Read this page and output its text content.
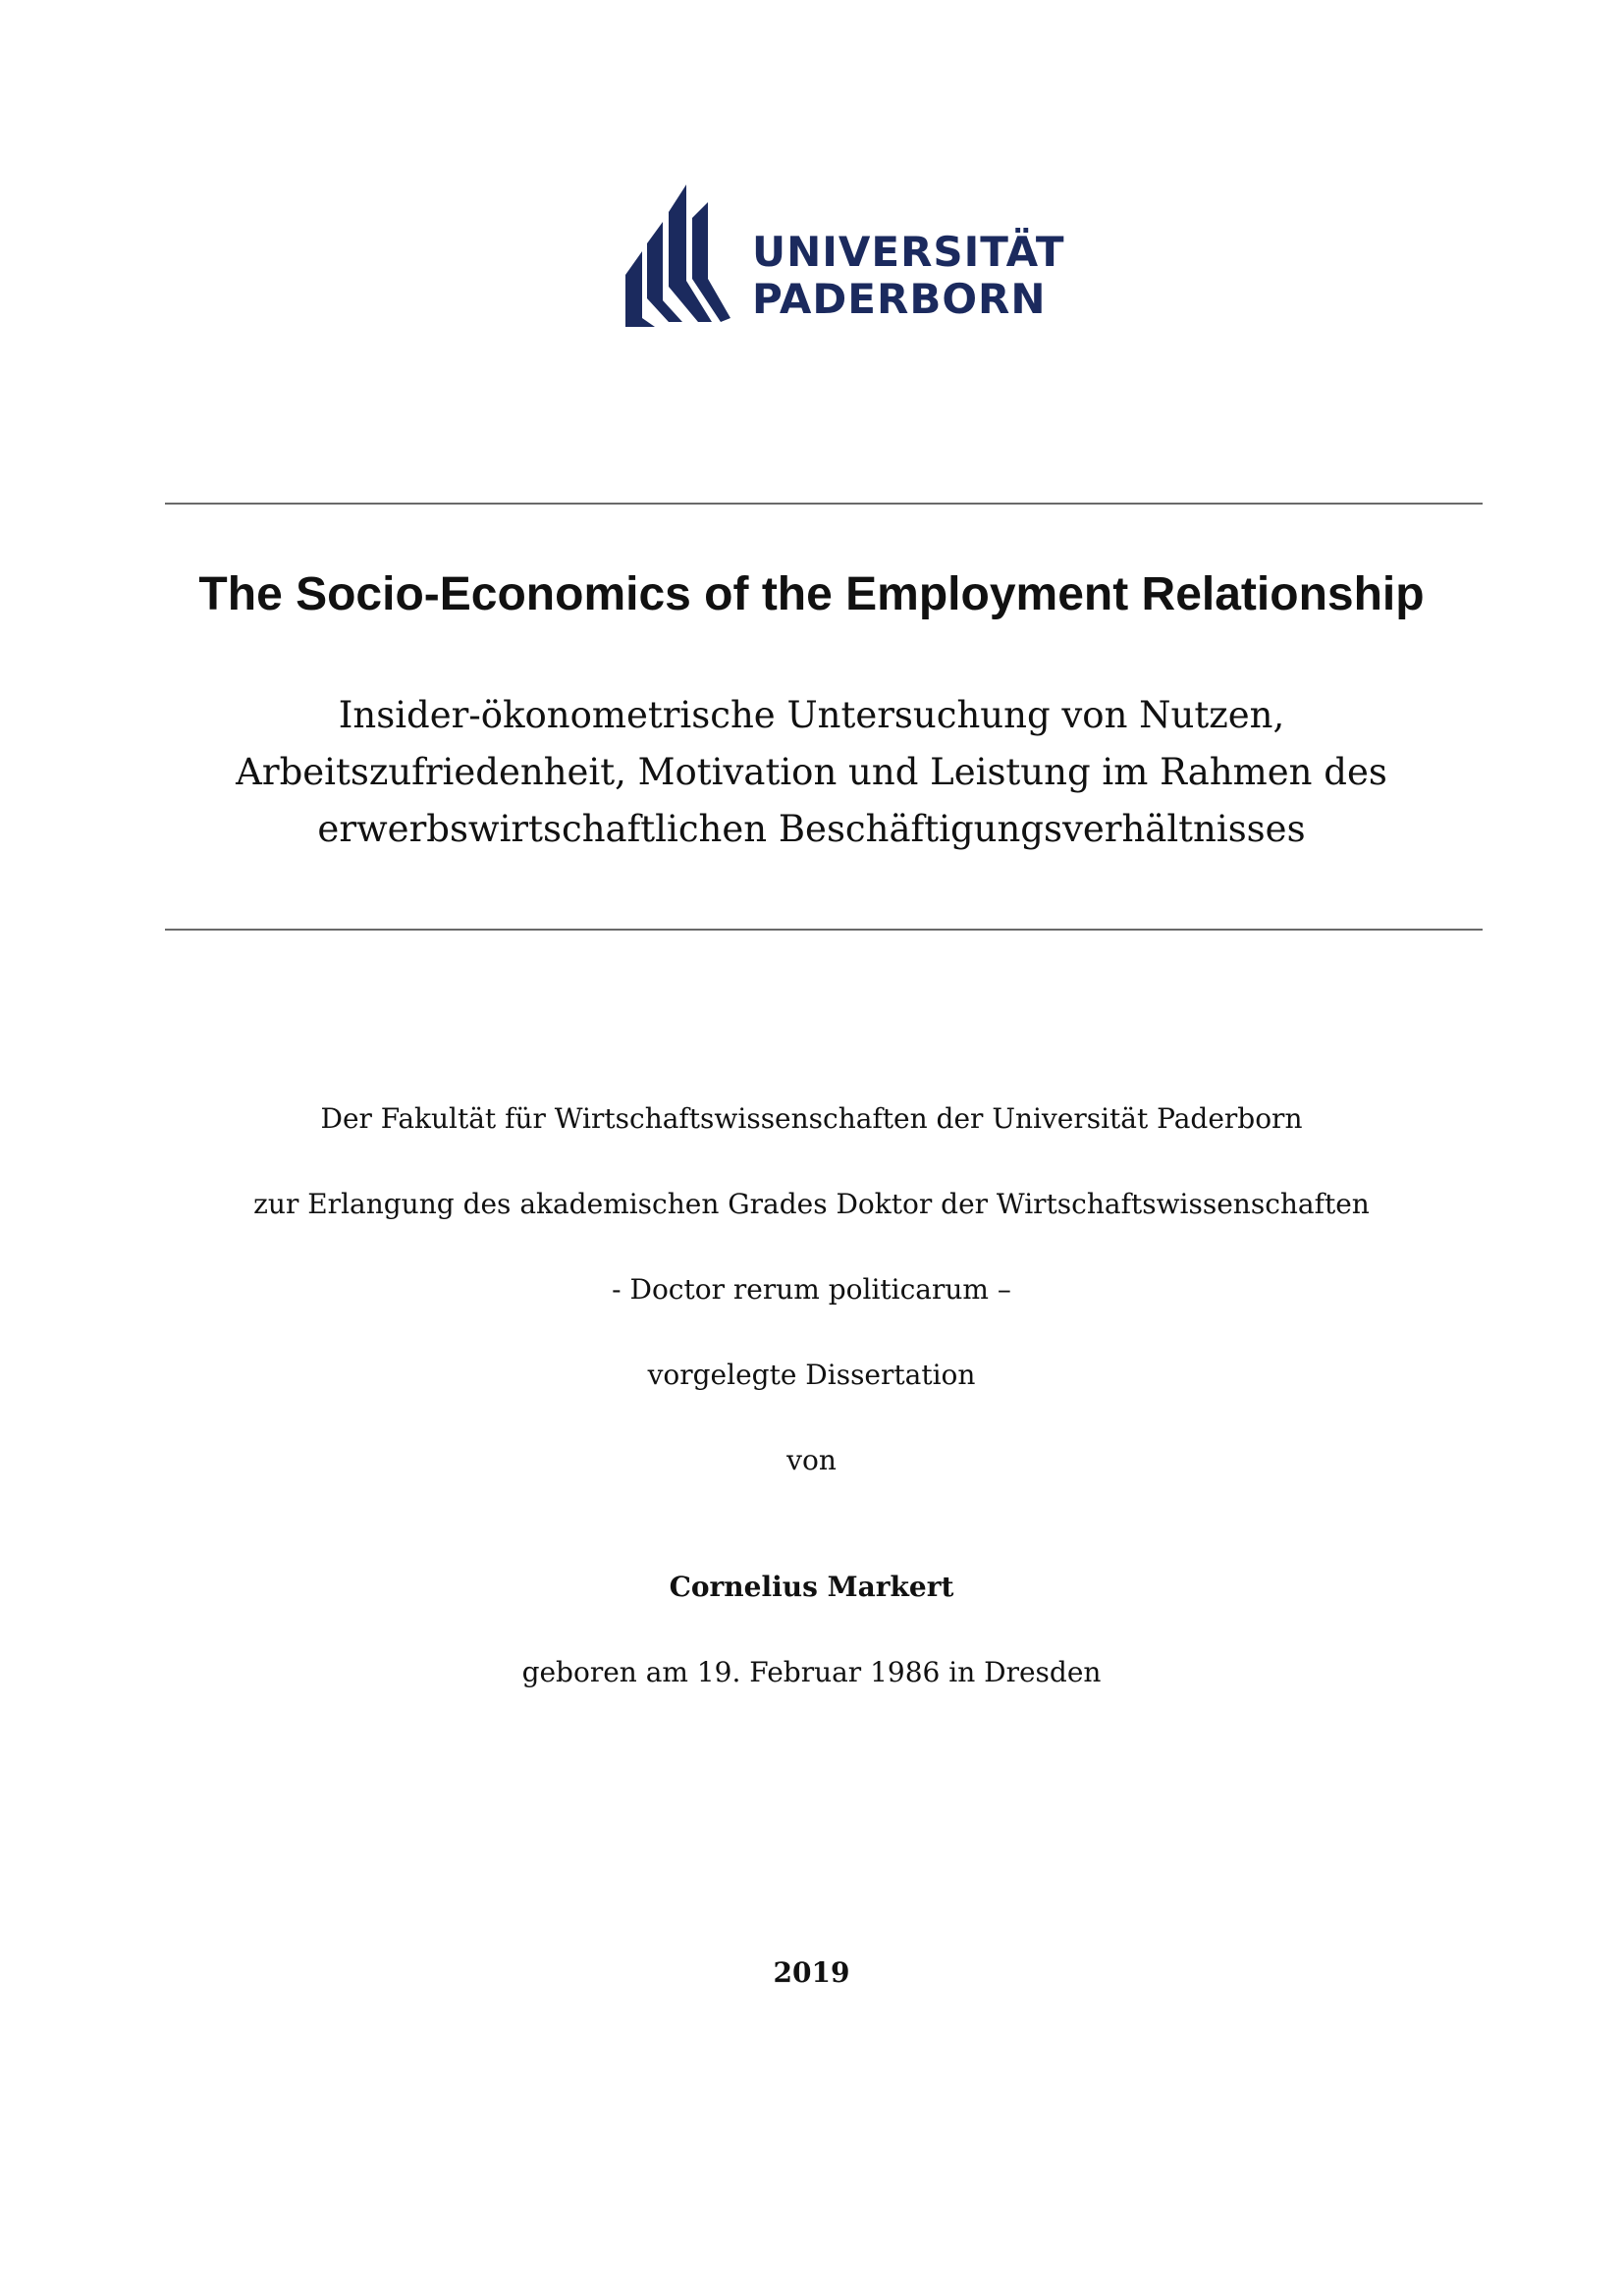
UNIVERSITÄT
PADERBORN
The Socio-Economics of the Employment Relationship
Insider-ökonometrische Untersuchung von Nutzen,
Arbeitszufriedenheit, Motivation und Leistung im Rahmen des
erwerbswirtschaftlichen Beschäftigungsverhältnisses
Der Fakultät für Wirtschaftswissenschaften der Universität Paderborn
zur Erlangung des akademischen Grades Doktor der Wirtschaftswissenschaften
- Doctor rerum politicarum –
vorgelegte Dissertation
von
Cornelius Markert
geboren am 19. Februar 1986 in Dresden
2019
